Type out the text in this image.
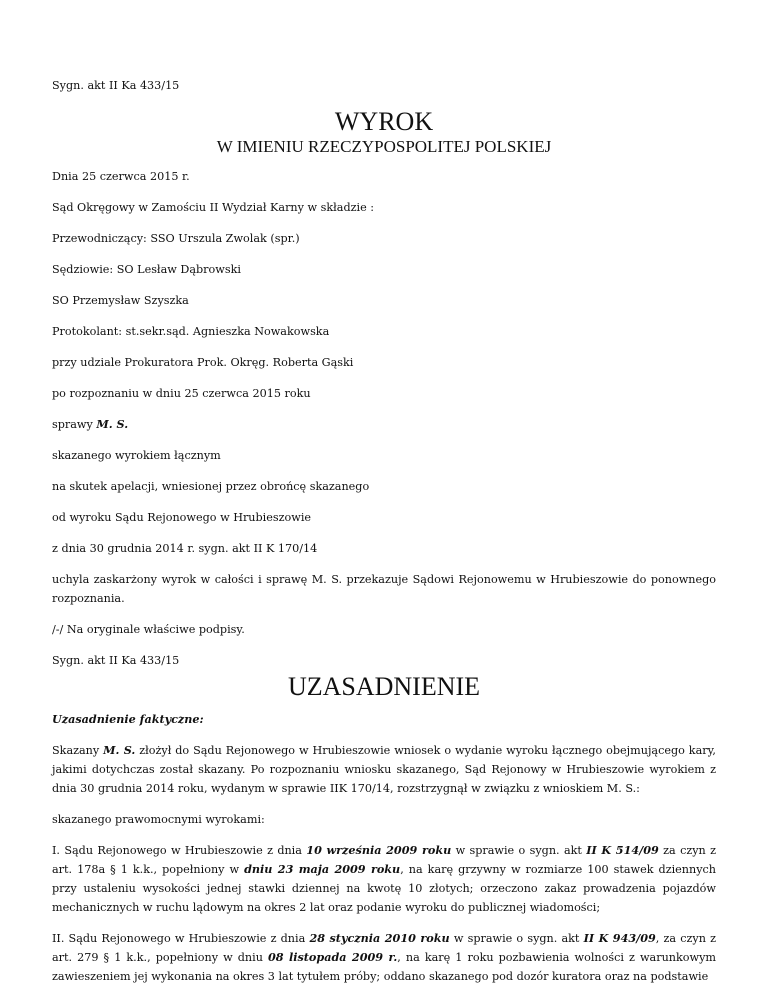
Sygn. akt II Ka 433/15

WYROK

W IMIENIU RZECZYPOSPOLITEJ POLSKIEJ

Dnia 25 czerwca 2015 r.

Sąd Okręgowy w Zamościu II Wydział Karny w składzie :

Przewodniczący: SSO Urszula Zwolak (spr.)

Sędziowie: SO Lesław Dąbrowski

SO Przemysław Szyszka

Protokolant: st.sekr.sąd. Agnieszka Nowakowska

przy udziale Prokuratora Prok. Okręg. Roberta Gąski

po rozpoznaniu w dniu 25 czerwca 2015 roku

sprawy M. S.

skazanego wyrokiem łącznym

na skutek apelacji, wniesionej przez obrońcę skazanego

od wyroku Sądu Rejonowego w Hrubieszowie

z dnia 30 grudnia 2014 r. sygn. akt II K 170/14

uchyla zaskarżony wyrok w całości i sprawę M. S. przekazuje Sądowi Rejonowemu w Hrubieszowie do ponownego rozpoznania.

/-/ Na oryginale właściwe podpisy.

Sygn. akt II Ka 433/15

UZASADNIENIE

Uzasadnienie faktyczne:

Skazany M. S. złożył do Sądu Rejonowego w Hrubieszowie wniosek o wydanie wyroku łącznego obejmującego kary, jakimi dotychczas został skazany. Po rozpoznaniu wniosku skazanego, Sąd Rejonowy w Hrubieszowie wyrokiem z dnia 30 grudnia 2014 roku, wydanym w sprawie IIK 170/14, rozstrzygnął w związku z wnioskiem M. S.:

skazanego prawomocnymi wyrokami:

I. Sądu Rejonowego w Hrubieszowie z dnia 10 września 2009 roku w sprawie o sygn. akt II K 514/09 za czyn z art. 178a § 1 k.k., popełniony w dniu 23 maja 2009 roku, na karę grzywny w rozmiarze 100 stawek dziennych przy ustaleniu wysokości jednej stawki dziennej na kwotę 10 złotych; orzeczono zakaz prowadzenia pojazdów mechanicznych w ruchu lądowym na okres 2 lat oraz podanie wyroku do publicznej wiadomości;

II. Sądu Rejonowego w Hrubieszowie z dnia 28 stycznia 2010 roku w sprawie o sygn. akt II K 943/09, za czyn z art. 279 § 1 k.k., popełniony w dniu 08 listopada 2009 r., na karę 1 roku pozbawienia wolności z warunkowym zawieszeniem jej wykonania na okres 3 lat tytułem próby; oddano skazanego pod dozór kuratora oraz na podstawie
